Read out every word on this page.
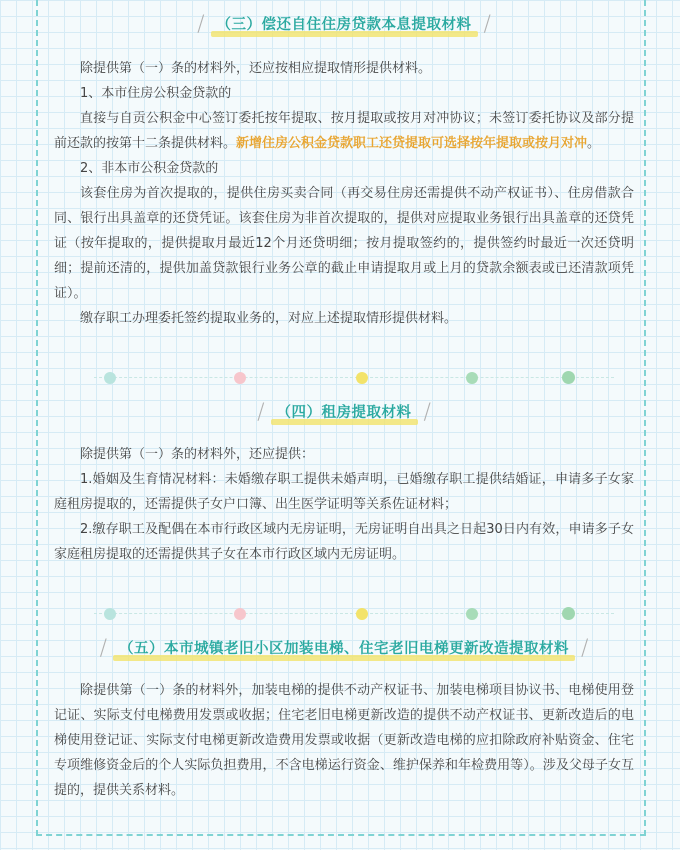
/ （三）偿还自住住房贷款本息提取材料 /

除提供第（一）条的材料外，还应按相应提取情形提供材料。

1、本市住房公积金贷款的

直接与自贡公积金中心签订委托按年提取、按月提取或按月对冲协议；未签订委托协议及部分提前还款的按第十二条提供材料。新增住房公积金贷款职工还贷提取可选择按年提取或按月对冲。

2、非本市公积金贷款的

该套住房为首次提取的，提供住房买卖合同（再交易住房还需提供不动产权证书）、住房借款合同、银行出具盖章的还贷凭证。该套住房为非首次提取的，提供对应提取业务银行出具盖章的还贷凭证（按年提取的，提供提取月最近12个月还贷明细；按月提取签约的，提供签约时最近一次还贷明细；提前还清的，提供加盖贷款银行业务公章的截止申请提取月或上月的贷款余额表或已还清款项凭证）。

缴存职工办理委托签约提取业务的，对应上述提取情形提供材料。

/ （四）租房提取材料 /

除提供第（一）条的材料外，还应提供：

1.婚姻及生育情况材料：未婚缴存职工提供未婚声明，已婚缴存职工提供结婚证，申请多子女家庭租房提取的，还需提供子女户口簿、出生医学证明等关系佐证材料；

2.缴存职工及配偶在本市行政区域内无房证明，无房证明自出具之日起30日内有效，申请多子女家庭租房提取的还需提供其子女在本市行政区域内无房证明。

/ （五）本市城镇老旧小区加装电梯、住宅老旧电梯更新改造提取材料 /

除提供第（一）条的材料外，加装电梯的提供不动产权证书、加装电梯项目协议书、电梯使用登记证、实际支付电梯费用发票或收据；住宅老旧电梯更新改造的提供不动产权证书、更新改造后的电梯使用登记证、实际支付电梯更新改造费用发票或收据（更新改造电梯的应扣除政府补贴资金、住宅专项维修资金后的个人实际负担费用，不含电梯运行资金、维护保养和年检费用等）。涉及父母子女互提的，提供关系材料。
